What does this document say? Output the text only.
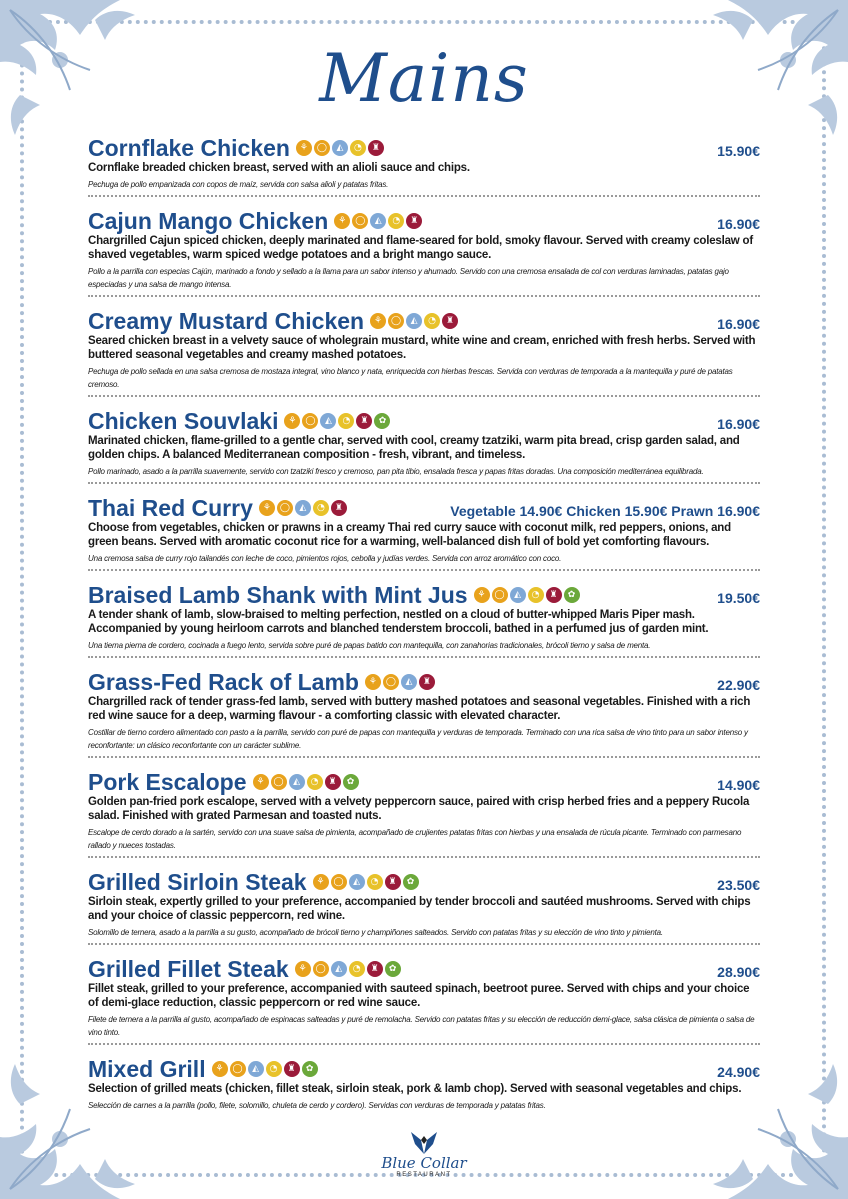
Mains
Cornflake Chicken	⚘ ◯	◭	◔	♜	15.90€
Cornflake breaded chicken breast, served with an alioli sauce and chips.
Pechuga de pollo empanizada con copos de maíz, servida con salsa alioli y patatas fritas.
Cajun Mango Chicken	⚘ ◯	◭	◔	♜	16.90€
Chargrilled Cajun spiced chicken, deeply marinated and flame-seared for bold, smoky flavour. Served with creamy coleslaw of shaved vegetables, warm spiced wedge potatoes and a bright mango sauce.
Pollo a la parrilla con especias Cajún, marinado a fondo y sellado a la llama para un sabor intenso y ahumado. Servido con una cremosa ensalada de col con verduras laminadas, patatas gajo especiadas y una salsa de mango intensa.
Creamy Mustard Chicken	⚘ ◯	◭	◔	♜	16.90€
Seared chicken breast in a velvety sauce of wholegrain mustard, white wine and cream, enriched with fresh herbs. Served with buttered seasonal vegetables and creamy mashed potatoes.
Pechuga de pollo sellada en una salsa cremosa de mostaza integral, vino blanco y nata, enriquecida con hierbas frescas. Servida con verduras de temporada a la mantequilla y puré de patatas cremoso.
Chicken Souvlaki	⚘ ◯	◭	◔	♜	✿	16.90€
Marinated chicken, flame-grilled to a gentle char, served with cool, creamy tzatziki, warm pita bread, crisp garden salad, and golden chips. A balanced Mediterranean composition - fresh, vibrant, and timeless.
Pollo marinado, asado a la parrilla suavemente, servido con tzatziki fresco y cremoso, pan pita tibio, ensalada fresca y papas fritas doradas. Una composición mediterránea equilibrada.
Thai Red Curry	⚘ ◯	◭	◔	♜	Vegetable 14.90€ Chicken 15.90€ Prawn 16.90€
Choose from vegetables, chicken or prawns in a creamy Thai red curry sauce with coconut milk, red peppers, onions, and green beans. Served with aromatic coconut rice for a warming, well-balanced dish full of bold yet comforting flavours.
Una cremosa salsa de curry rojo tailandés con leche de coco, pimientos rojos, cebolla y judías verdes. Servida con arroz aromático con coco.
Braised Lamb Shank with Mint Jus	⚘ ◯	◭	◔	♜	✿	19.50€
A tender shank of lamb, slow-braised to melting perfection, nestled on a cloud of butter-whipped Maris Piper mash. Accompanied by young heirloom carrots and blanched tenderstem broccoli, bathed in a perfumed jus of garden mint.
Una tierna pierna de cordero, cocinada a fuego lento, servida sobre puré de papas batido con mantequilla, con zanahorias tradicionales, brócoli tierno y salsa de menta.
Grass-Fed Rack of Lamb	⚘ ◯	◭	♜	22.90€
Chargrilled rack of tender grass-fed lamb, served with buttery mashed potatoes and seasonal vegetables. Finished with a rich red wine sauce for a deep, warming flavour - a comforting classic with elevated character.
Costillar de tierno cordero alimentado con pasto a la parrilla, servido con puré de papas con mantequilla y verduras de temporada. Terminado con una rica salsa de vino tinto para un sabor intenso y reconfortante: un clásico reconfortante con un carácter sublime.
Pork Escalope	⚘ ◯	◭	◔	♜	✿	14.90€
Golden pan-fried pork escalope, served with a velvety peppercorn sauce, paired with crisp herbed fries and a peppery Rucola salad. Finished with grated Parmesan and toasted nuts.
Escalope de cerdo dorado a la sartén, servido con una suave salsa de pimienta, acompañado de crujientes patatas fritas con hierbas y una ensalada de rúcula picante. Terminado con parmesano rallado y nueces tostadas.
Grilled Sirloin Steak	⚘ ◯	◭	◔	♜	✿	23.50€
Sirloin steak, expertly grilled to your preference, accompanied by tender broccoli and sautéed mushrooms. Served with chips and your choice of classic peppercorn, red wine.
Solomillo de ternera, asado a la parrilla a su gusto, acompañado de brócoli tierno y champiñones salteados. Servido con patatas fritas y su elección de vino tinto y pimienta.
Grilled Fillet Steak	⚘ ◯	◭	◔	♜	✿	28.90€
Fillet steak, grilled to your preference, accompanied with sauteed spinach, beetroot puree. Served with chips and your choice of demi-glace reduction, classic peppercorn or red wine sauce.
Filete de ternera a la parrilla al gusto, acompañado de espinacas salteadas y puré de remolacha. Servido con patatas fritas y su elección de reducción demi-glace, salsa clásica de pimienta o salsa de vino tinto.
Mixed Grill	⚘ ◯	◭	◔	♜	✿	24.90€
Selection of grilled meats (chicken, fillet steak, sirloin steak, pork & lamb chop). Served with seasonal vegetables and chips.
Selección de carnes a la parrilla (pollo, filete, solomillo, chuleta de cerdo y cordero). Servidas con verduras de temporada y patatas fritas.
Blue Collar
RESTAURANT
